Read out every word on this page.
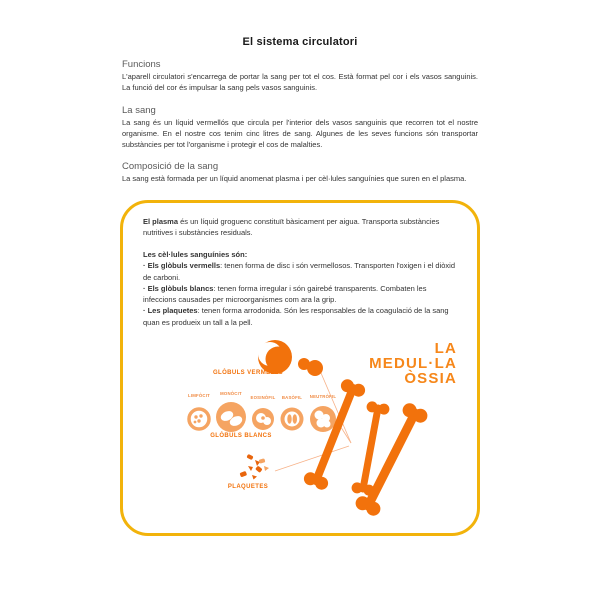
El sistema circulatori
Funcions

L'aparell circulatori s'encarrega de portar la sang per tot el cos. Està format pel cor i els vasos sanguinis. La funció del cor és impulsar la sang pels vasos sanguinis.

La sang

La sang és un líquid vermellós que circula per l'interior dels vasos sanguinis que recorren tot el nostre organisme. En el nostre cos tenim cinc litres de sang. Algunes de les seves funcions són transportar substàncies per tot l'organisme i protegir el cos de malalties.

Composició de la sang

La sang està formada per un líquid anomenat plasma i per cèl·lules sanguínies que suren en el plasma.

El plasma és un líquid groguenc constituït bàsicament per aigua. Transporta substàncies nutritives i substàncies residuals.

Les cèl·lules sanguínies són:

· Els glòbuls vermells: tenen forma de disc i són vermellosos. Transporten l'oxigen i el diòxid de carboni.

· Els glòbuls blancs: tenen forma irregular i són gairebé transparents. Combaten les infeccions causades per microorganismes com ara la grip.

· Les plaquetes: tenen forma arrodonida. Són les responsables de la coagulació de la sang quan es produeix un tall a la pell.

GLÒBULS VERMELLS
LIMFÒCIT	MONÒCIT
EOSINÒFIL	BASÒFIL	NEUTRÒFIL
GLÒBULS BLANCS
PLAQUETES
LA
MEDUL·LA
ÒSSIA
